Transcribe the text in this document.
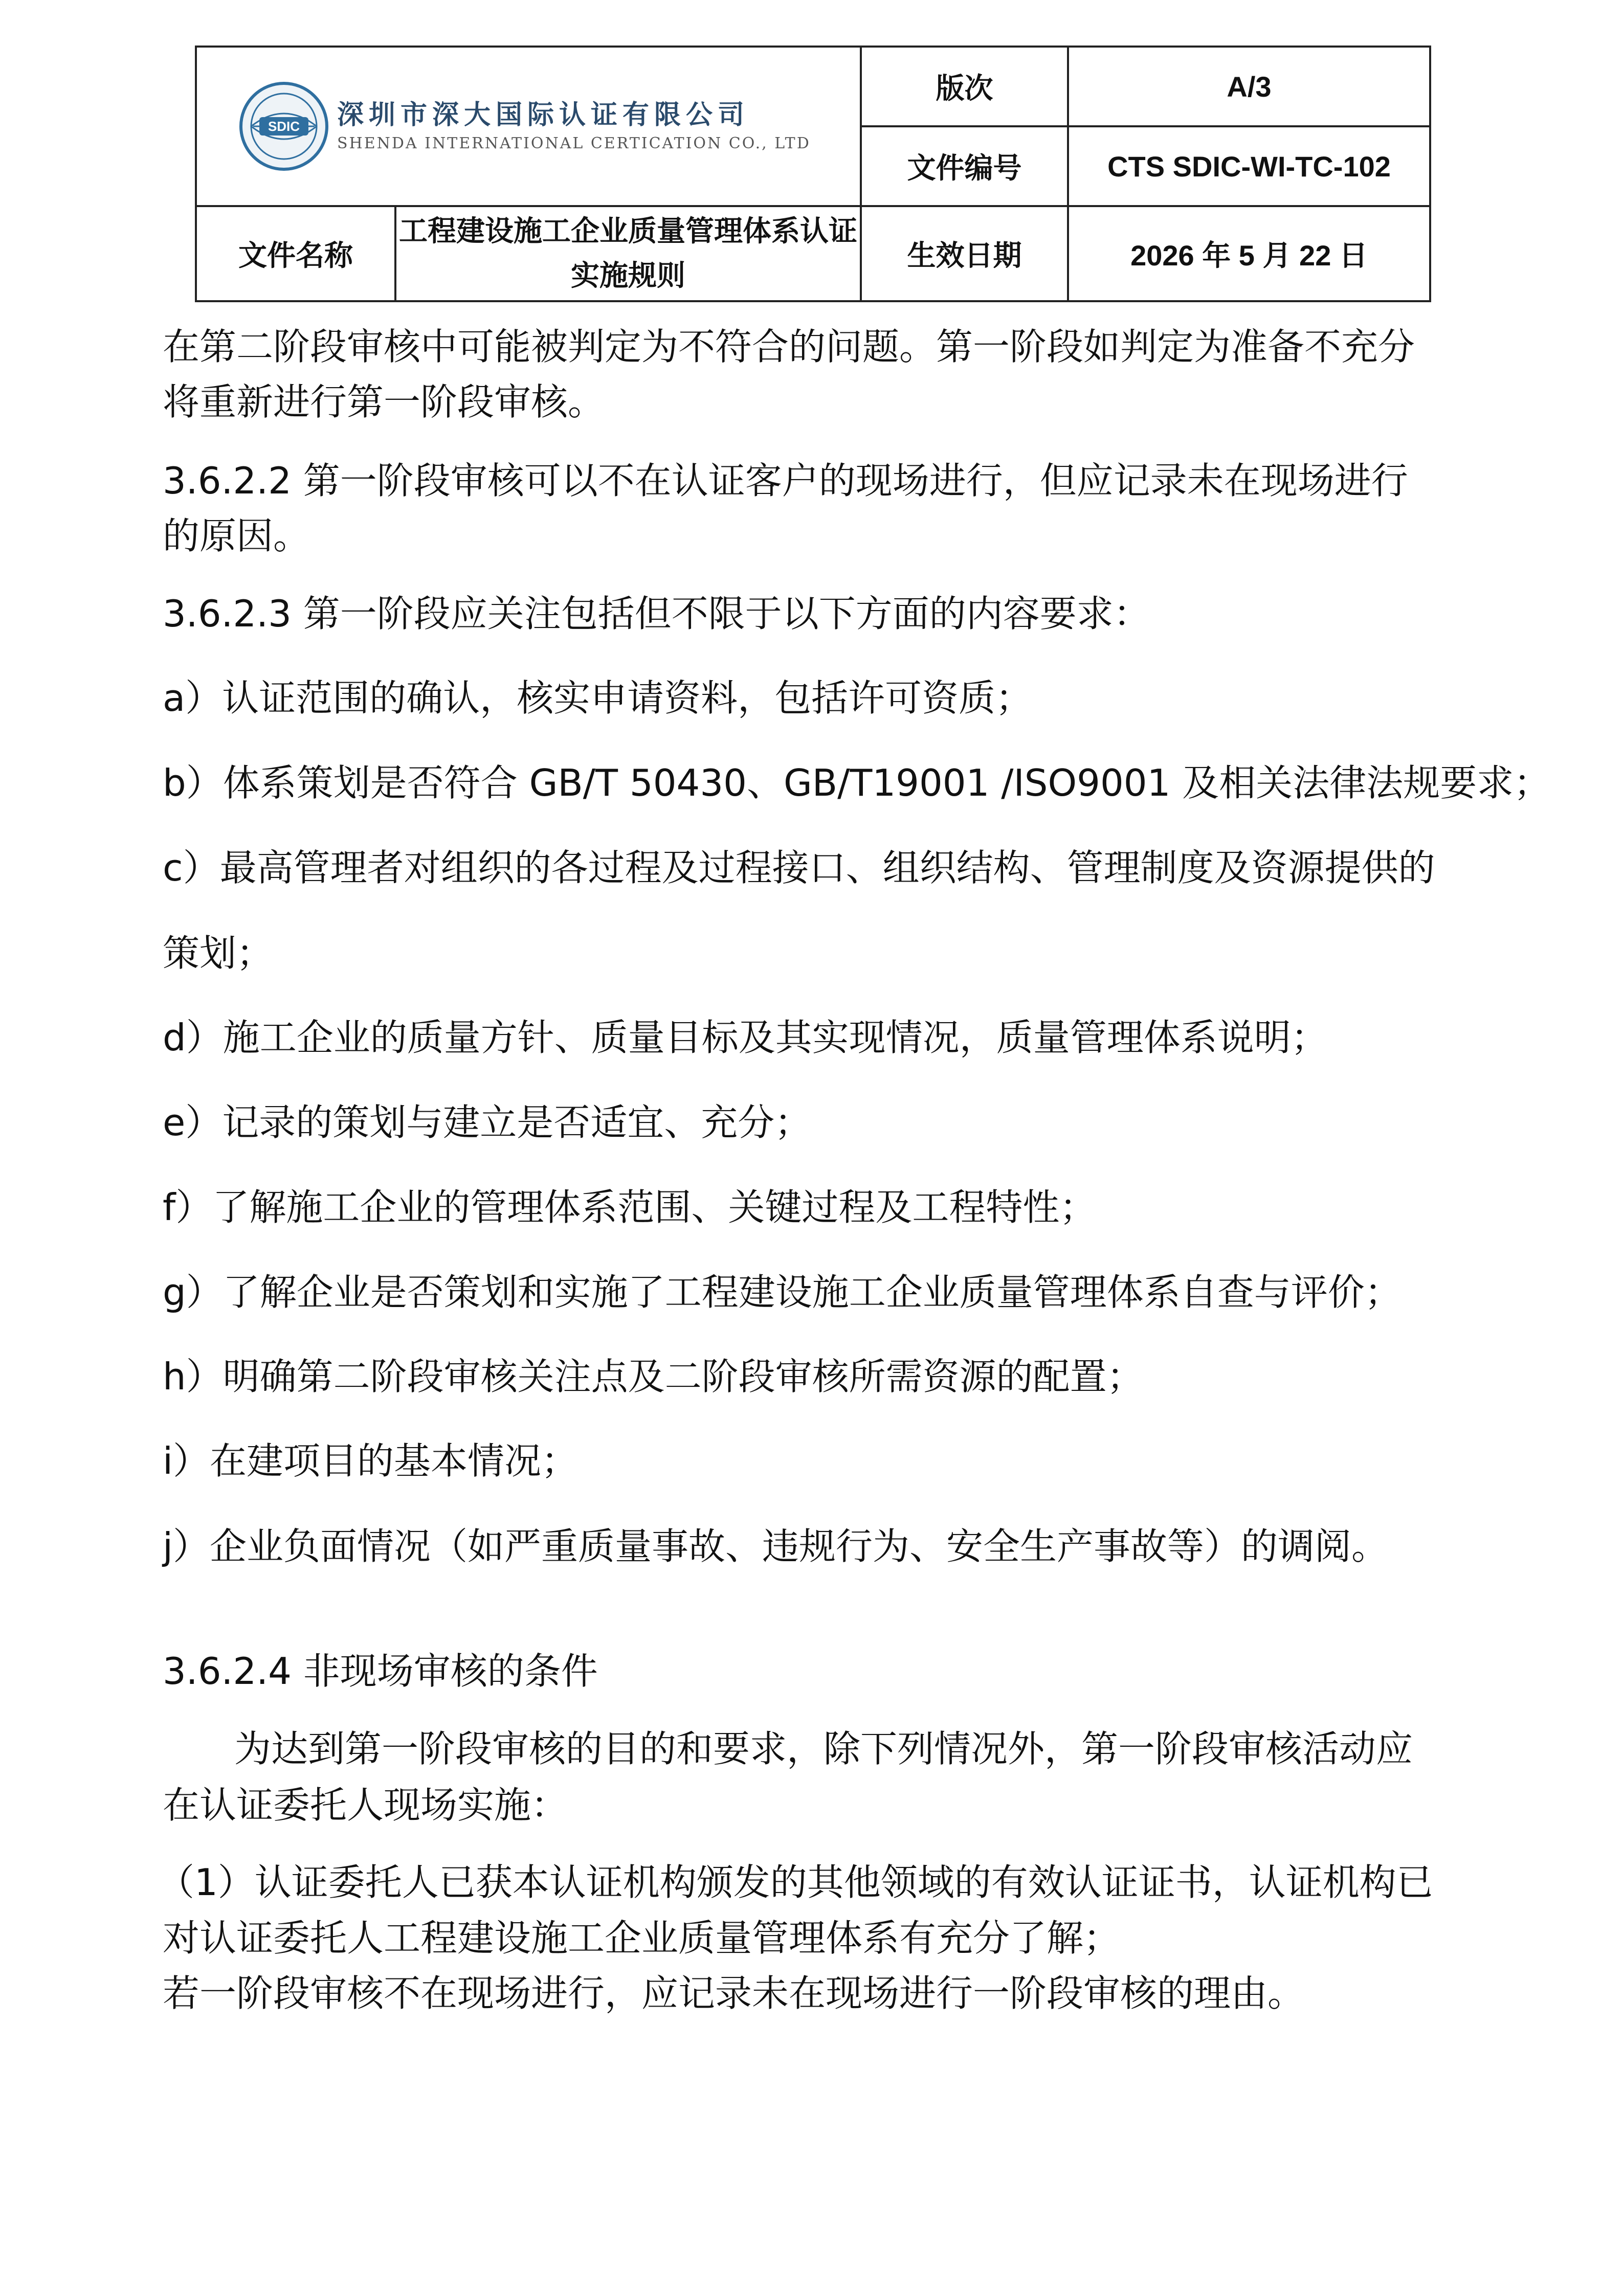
SDIC 深圳市深大国际认证有限公司
SHENDA INTERNATIONAL CERTICATION CO., LTD		版次	A/3
		文件编号	CTS SDIC-WI-TC-102
文件名称	工程建设施工企业质量管理体系认证实施规则	生效日期	2026 年 5 月 22 日
在第二阶段审核中可能被判定为不符合的问题。第一阶段如判定为准备不充分
将重新进行第一阶段审核。
3.6.2.2 第一阶段审核可以不在认证客户的现场进行，但应记录未在现场进行
的原因。
3.6.2.3 第一阶段应关注包括但不限于以下方面的内容要求：
a）认证范围的确认，核实申请资料，包括许可资质；
b）体系策划是否符合 GB/T 50430、GB/T19001 /ISO9001 及相关法律法规要求；
c）最高管理者对组织的各过程及过程接口、组织结构、管理制度及资源提供的
策划；
d）施工企业的质量方针、质量目标及其实现情况，质量管理体系说明；
e）记录的策划与建立是否适宜、充分；
f）了解施工企业的管理体系范围、关键过程及工程特性；
g）了解企业是否策划和实施了工程建设施工企业质量管理体系自查与评价；
h）明确第二阶段审核关注点及二阶段审核所需资源的配置；
i）在建项目的基本情况；
j）企业负面情况（如严重质量事故、违规行为、安全生产事故等）的调阅。
3.6.2.4 非现场审核的条件
为达到第一阶段审核的目的和要求，除下列情况外，第一阶段审核活动应
在认证委托人现场实施：
（1）认证委托人已获本认证机构颁发的其他领域的有效认证证书，认证机构已
对认证委托人工程建设施工企业质量管理体系有充分了解；
若一阶段审核不在现场进行，应记录未在现场进行一阶段审核的理由。
